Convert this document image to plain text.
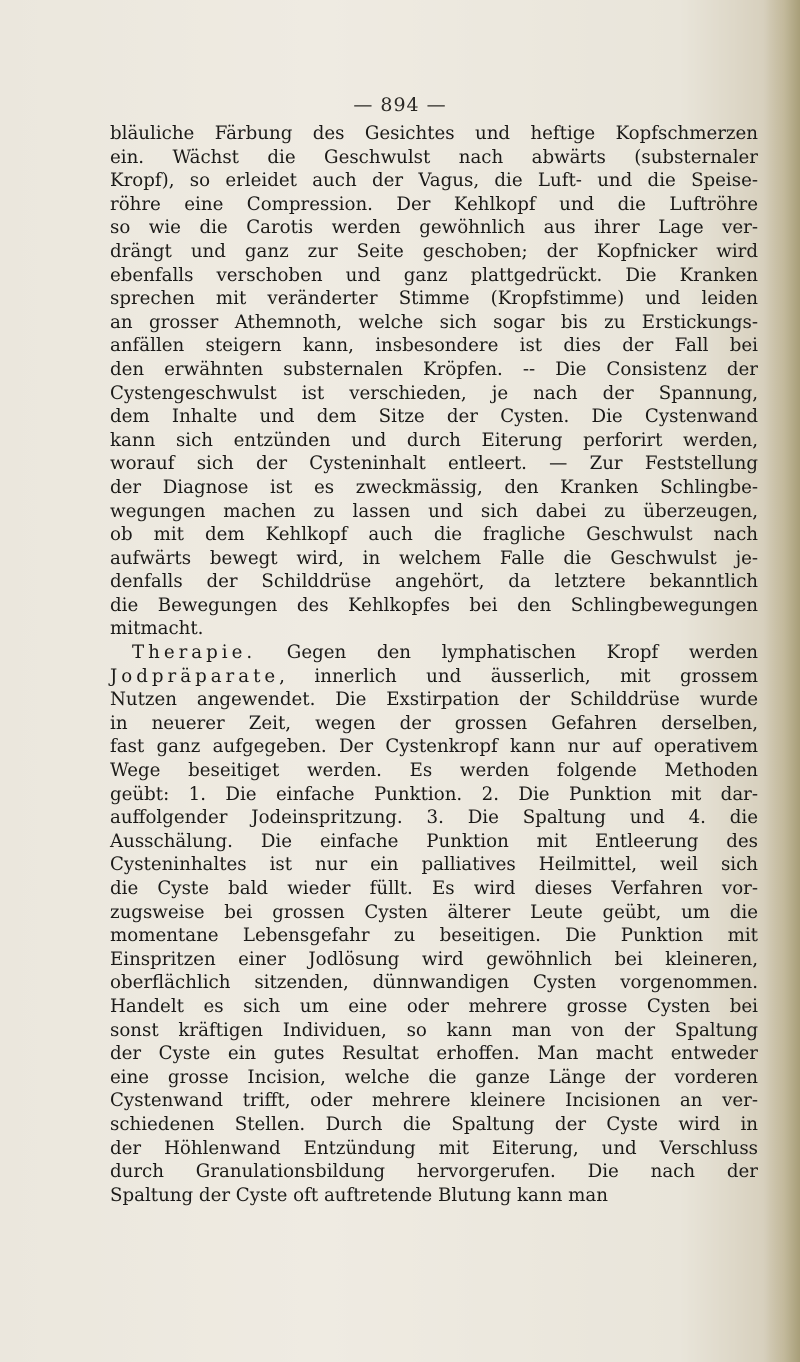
— 894 —
bläuliche Färbung des Gesichtes und heftige Kopfschmerzen
ein. Wächst die Geschwulst nach abwärts (substernaler
Kropf), so erleidet auch der Vagus, die Luft- und die Speise-
röhre eine Compression. Der Kehlkopf und die Luftröhre
so wie die Carotis werden gewöhnlich aus ihrer Lage ver-
drängt und ganz zur Seite geschoben; der Kopfnicker wird
ebenfalls verschoben und ganz plattgedrückt. Die Kranken
sprechen mit veränderter Stimme (Kropfstimme) und leiden
an grosser Athemnoth, welche sich sogar bis zu Erstickungs-
anfällen steigern kann, insbesondere ist dies der Fall bei
den erwähnten substernalen Kröpfen. -- Die Consistenz der
Cystengeschwulst ist verschieden, je nach der Spannung,
dem Inhalte und dem Sitze der Cysten. Die Cystenwand
kann sich entzünden und durch Eiterung perforirt werden,
worauf sich der Cysteninhalt entleert. — Zur Feststellung
der Diagnose ist es zweckmässig, den Kranken Schlingbe-
wegungen machen zu lassen und sich dabei zu überzeugen,
ob mit dem Kehlkopf auch die fragliche Geschwulst nach
aufwärts bewegt wird, in welchem Falle die Geschwulst je-
denfalls der Schilddrüse angehört, da letztere bekanntlich
die Bewegungen des Kehlkopfes bei den Schlingbewegungen
mitmacht.
Therapie. Gegen den lymphatischen Kropf werden
Jodpräparate, innerlich und äusserlich, mit grossem
Nutzen angewendet. Die Exstirpation der Schilddrüse wurde
in neuerer Zeit, wegen der grossen Gefahren derselben,
fast ganz aufgegeben. Der Cystenkropf kann nur auf operativem
Wege beseitiget werden. Es werden folgende Methoden
geübt: 1. Die einfache Punktion. 2. Die Punktion mit dar-
auffolgender Jodeinspritzung. 3. Die Spaltung und 4. die
Ausschälung. Die einfache Punktion mit Entleerung des
Cysteninhaltes ist nur ein palliatives Heilmittel, weil sich
die Cyste bald wieder füllt. Es wird dieses Verfahren vor-
zugsweise bei grossen Cysten älterer Leute geübt, um die
momentane Lebensgefahr zu beseitigen. Die Punktion mit
Einspritzen einer Jodlösung wird gewöhnlich bei kleineren,
oberflächlich sitzenden, dünnwandigen Cysten vorgenommen.
Handelt es sich um eine oder mehrere grosse Cysten bei
sonst kräftigen Individuen, so kann man von der Spaltung
der Cyste ein gutes Resultat erhoffen. Man macht entweder
eine grosse Incision, welche die ganze Länge der vorderen
Cystenwand trifft, oder mehrere kleinere Incisionen an ver-
schiedenen Stellen. Durch die Spaltung der Cyste wird in
der Höhlenwand Entzündung mit Eiterung, und Verschluss
durch Granulationsbildung hervorgerufen. Die nach der
Spaltung der Cyste oft auftretende Blutung kann man
